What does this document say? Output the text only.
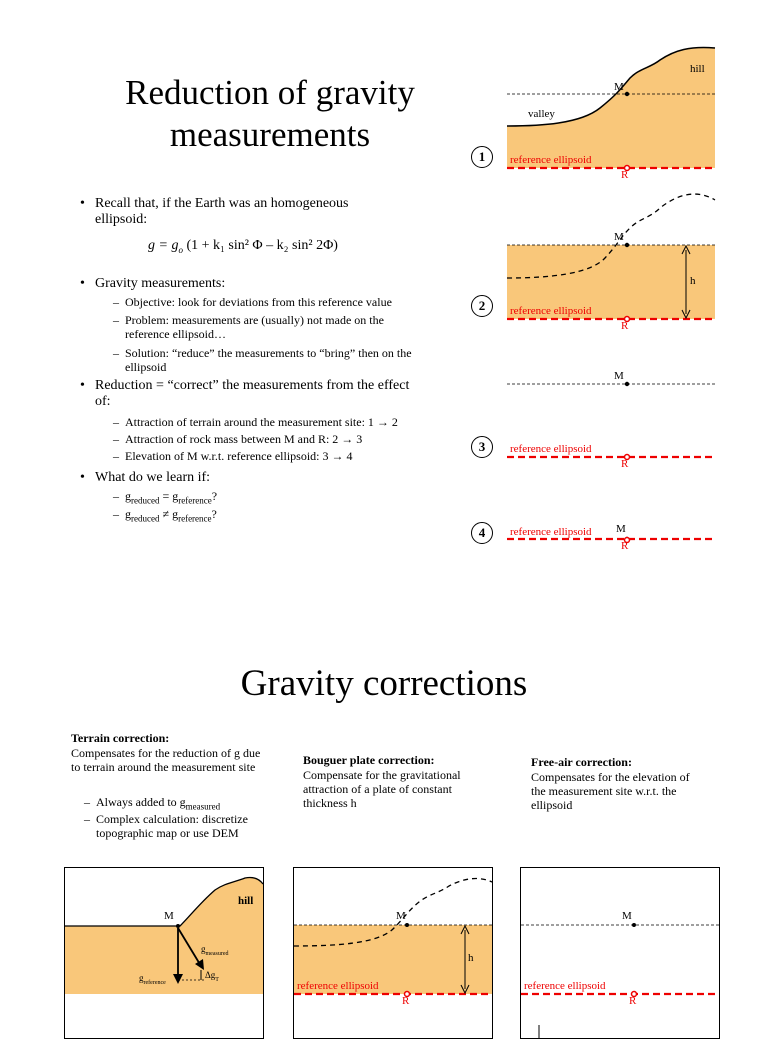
Reduction of gravity measurements
• Recall that, if the Earth was an homogeneous ellipsoid:
$g = g_o$ (1 + k₁ sin² Φ – k₂ sin² 2Φ)
• Gravity measurements:
– Objective: look for deviations from this reference value
– Problem: measurements are (usually) not made on the reference ellipsoid…
– Solution: “reduce” the measurements to “bring” then on the ellipsoid
• Reduction = “correct” the measurements from the effect of:
– Attraction of terrain around the measurement site: 1 → 2
– Attraction of rock mass between M and R: 2 → 3
– Elevation of M w.r.t. reference ellipsoid: 3 → 4
• What do we learn if:
– $g_{reduced} = g_{reference}$?
– $g_{reduced} \ne g_{reference}$?
1
2
3
4
hill
valley
M
reference ellipsoid
R
M
h
reference ellipsoid
R
M
reference ellipsoid
R
reference ellipsoid M
R
Gravity corrections
Terrain correction:
Compensates for the reduction of g due to terrain around the measurement site
– Always added to $g_{measured}$
– Complex calculation: discretize topographic map or use DEM
Bouguer plate correction:
Compensate for the gravitational attraction of a plate of constant thickness h
Free-air correction:
Compensates for the elevation of the measurement site w.r.t. the ellipsoid
hill
M
$g_{measured}$
$g_{reference}$
$\Delta g_T$
M
h
reference ellipsoid
R
M
reference ellipsoid
R
